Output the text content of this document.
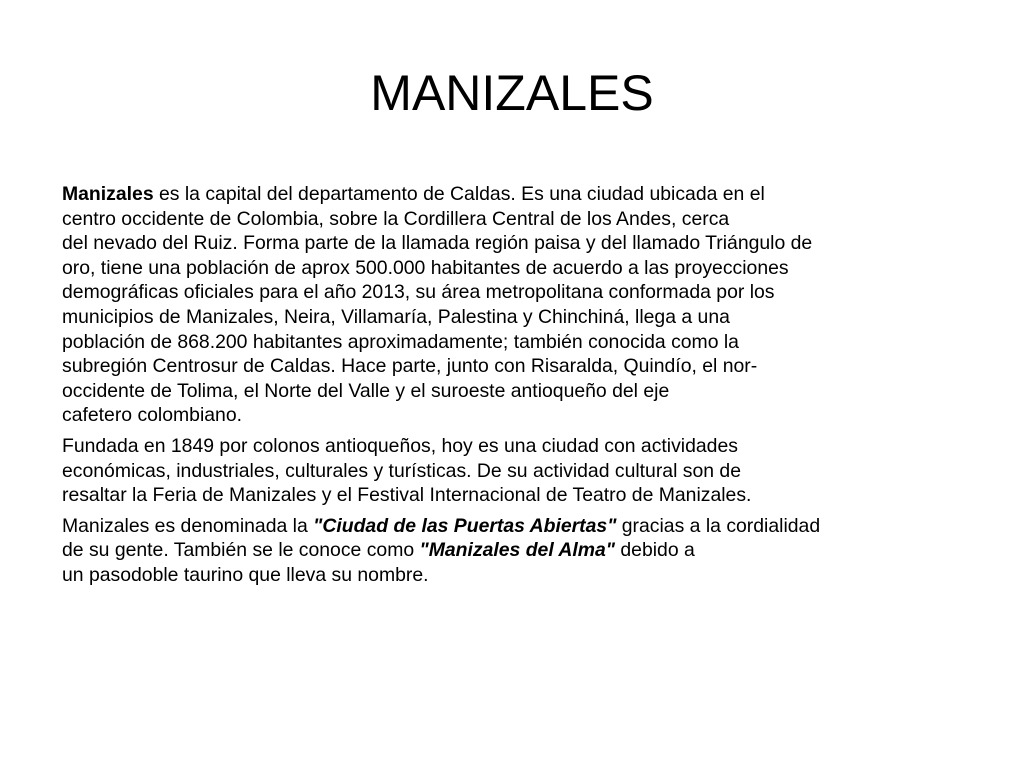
MANIZALES

Manizales es la capital del departamento de Caldas. Es una ciudad ubicada en el
centro occidente de Colombia, sobre la Cordillera Central de los Andes, cerca
del nevado del Ruiz. Forma parte de la llamada región paisa y del llamado Triángulo de
oro, tiene una población de aprox 500.000 habitantes de acuerdo a las proyecciones
demográficas oficiales para el año 2013, su área metropolitana conformada por los
municipios de Manizales, Neira, Villamaría, Palestina y Chinchiná, llega a una
población de 868.200 habitantes aproximadamente; también conocida como la
subregión Centrosur de Caldas. Hace parte, junto con Risaralda, Quindío, el nor-
occidente de Tolima, el Norte del Valle y el suroeste antioqueño del eje
cafetero colombiano.

Fundada en 1849 por colonos antioqueños, hoy es una ciudad con actividades
económicas, industriales, culturales y turísticas. De su actividad cultural son de
resaltar la Feria de Manizales y el Festival Internacional de Teatro de Manizales.

Manizales es denominada la "Ciudad de las Puertas Abiertas" gracias a la cordialidad
de su gente. También se le conoce como "Manizales del Alma" debido a
un pasodoble taurino que lleva su nombre.
